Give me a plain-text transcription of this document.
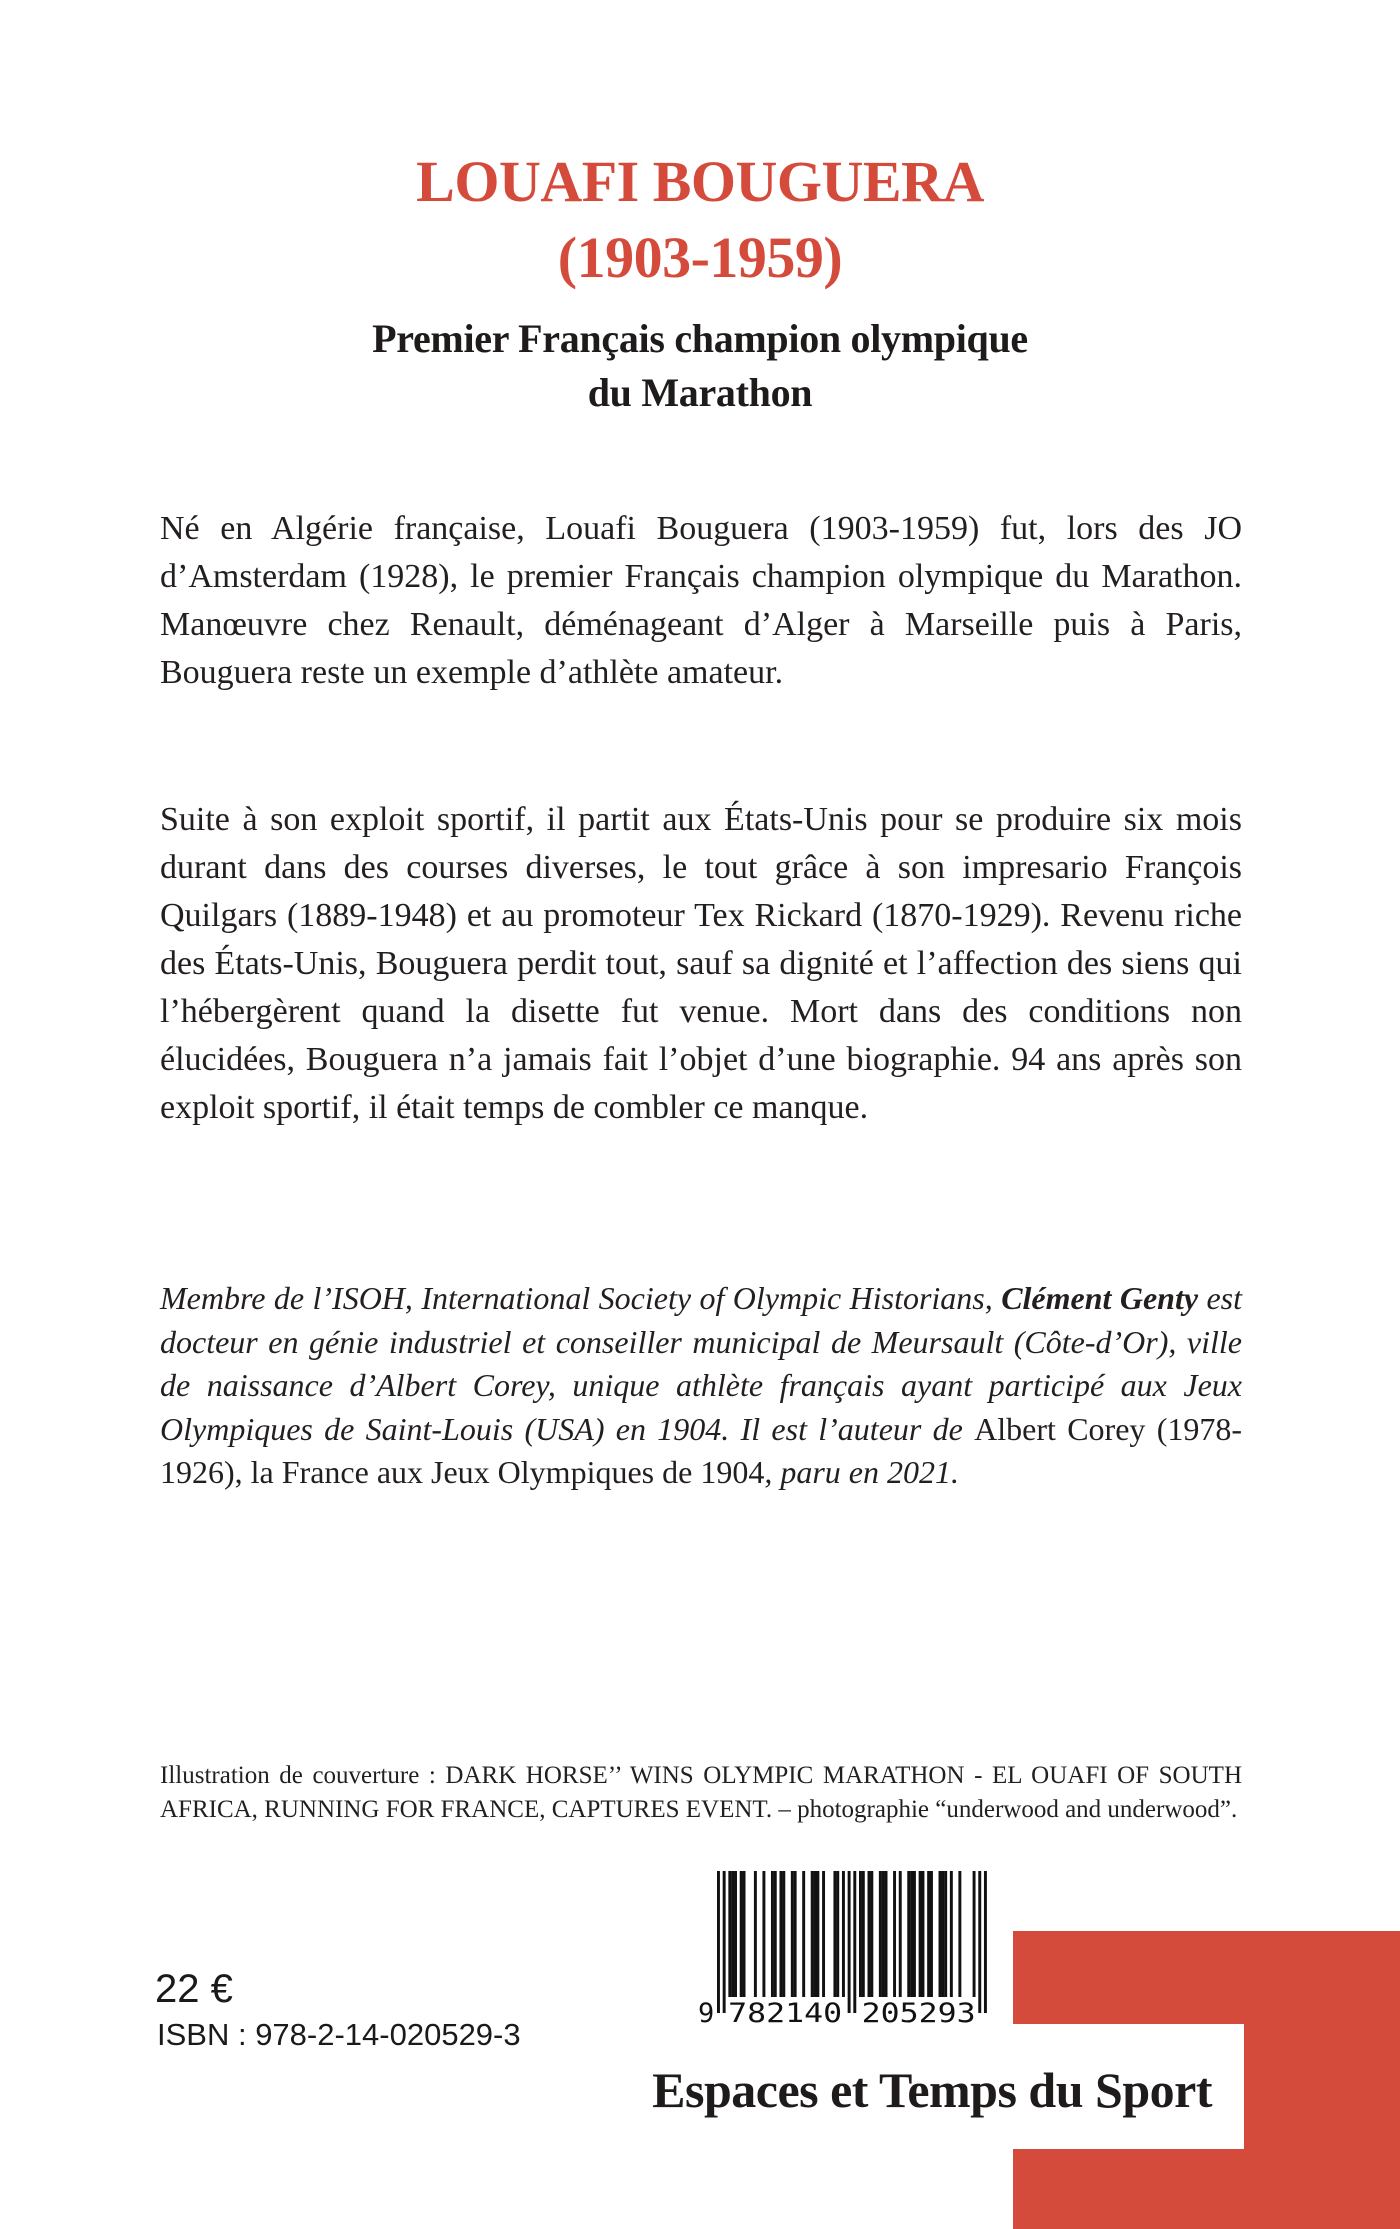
LOUAFI BOUGUERA
(1903-1959)
Premier Français champion olympique
du Marathon

Né en Algérie française, Louafi Bouguera (1903-1959) fut, lors des JO d’Amsterdam (1928), le premier Français champion olympique du Marathon. Manœuvre chez Renault, déménageant d’Alger à Marseille puis à Paris, Bouguera reste un exemple d’athlète amateur.

Suite à son exploit sportif, il partit aux États-Unis pour se produire six mois durant dans des courses diverses, le tout grâce à son impresario François Quilgars (1889-1948) et au promoteur Tex Rickard (1870-1929). Revenu riche des États-Unis, Bouguera perdit tout, sauf sa dignité et l’affection des siens qui l’hébergèrent quand la disette fut venue. Mort dans des conditions non élucidées, Bouguera n’a jamais fait l’objet d’une biographie. 94 ans après son exploit sportif, il était temps de combler ce manque.

Membre de l’ISOH, International Society of Olympic Historians, Clément Genty est docteur en génie industriel et conseiller municipal de Meursault (Côte-d’Or), ville de naissance d’Albert Corey, unique athlète français ayant participé aux Jeux Olympiques de Saint-Louis (USA) en 1904. Il est l’auteur de Albert Corey (1978-1926), la France aux Jeux Olympiques de 1904, paru en 2021.

Illustration de couverture : DARK HORSE’’ WINS OLYMPIC MARATHON - EL OUAFI OF SOUTH AFRICA, RUNNING FOR FRANCE, CAPTURES EVENT. – photographie “underwood and underwood”.

9 782140 205293
22 €
ISBN : 978-2-14-020529-3
Espaces et Temps du Sport
